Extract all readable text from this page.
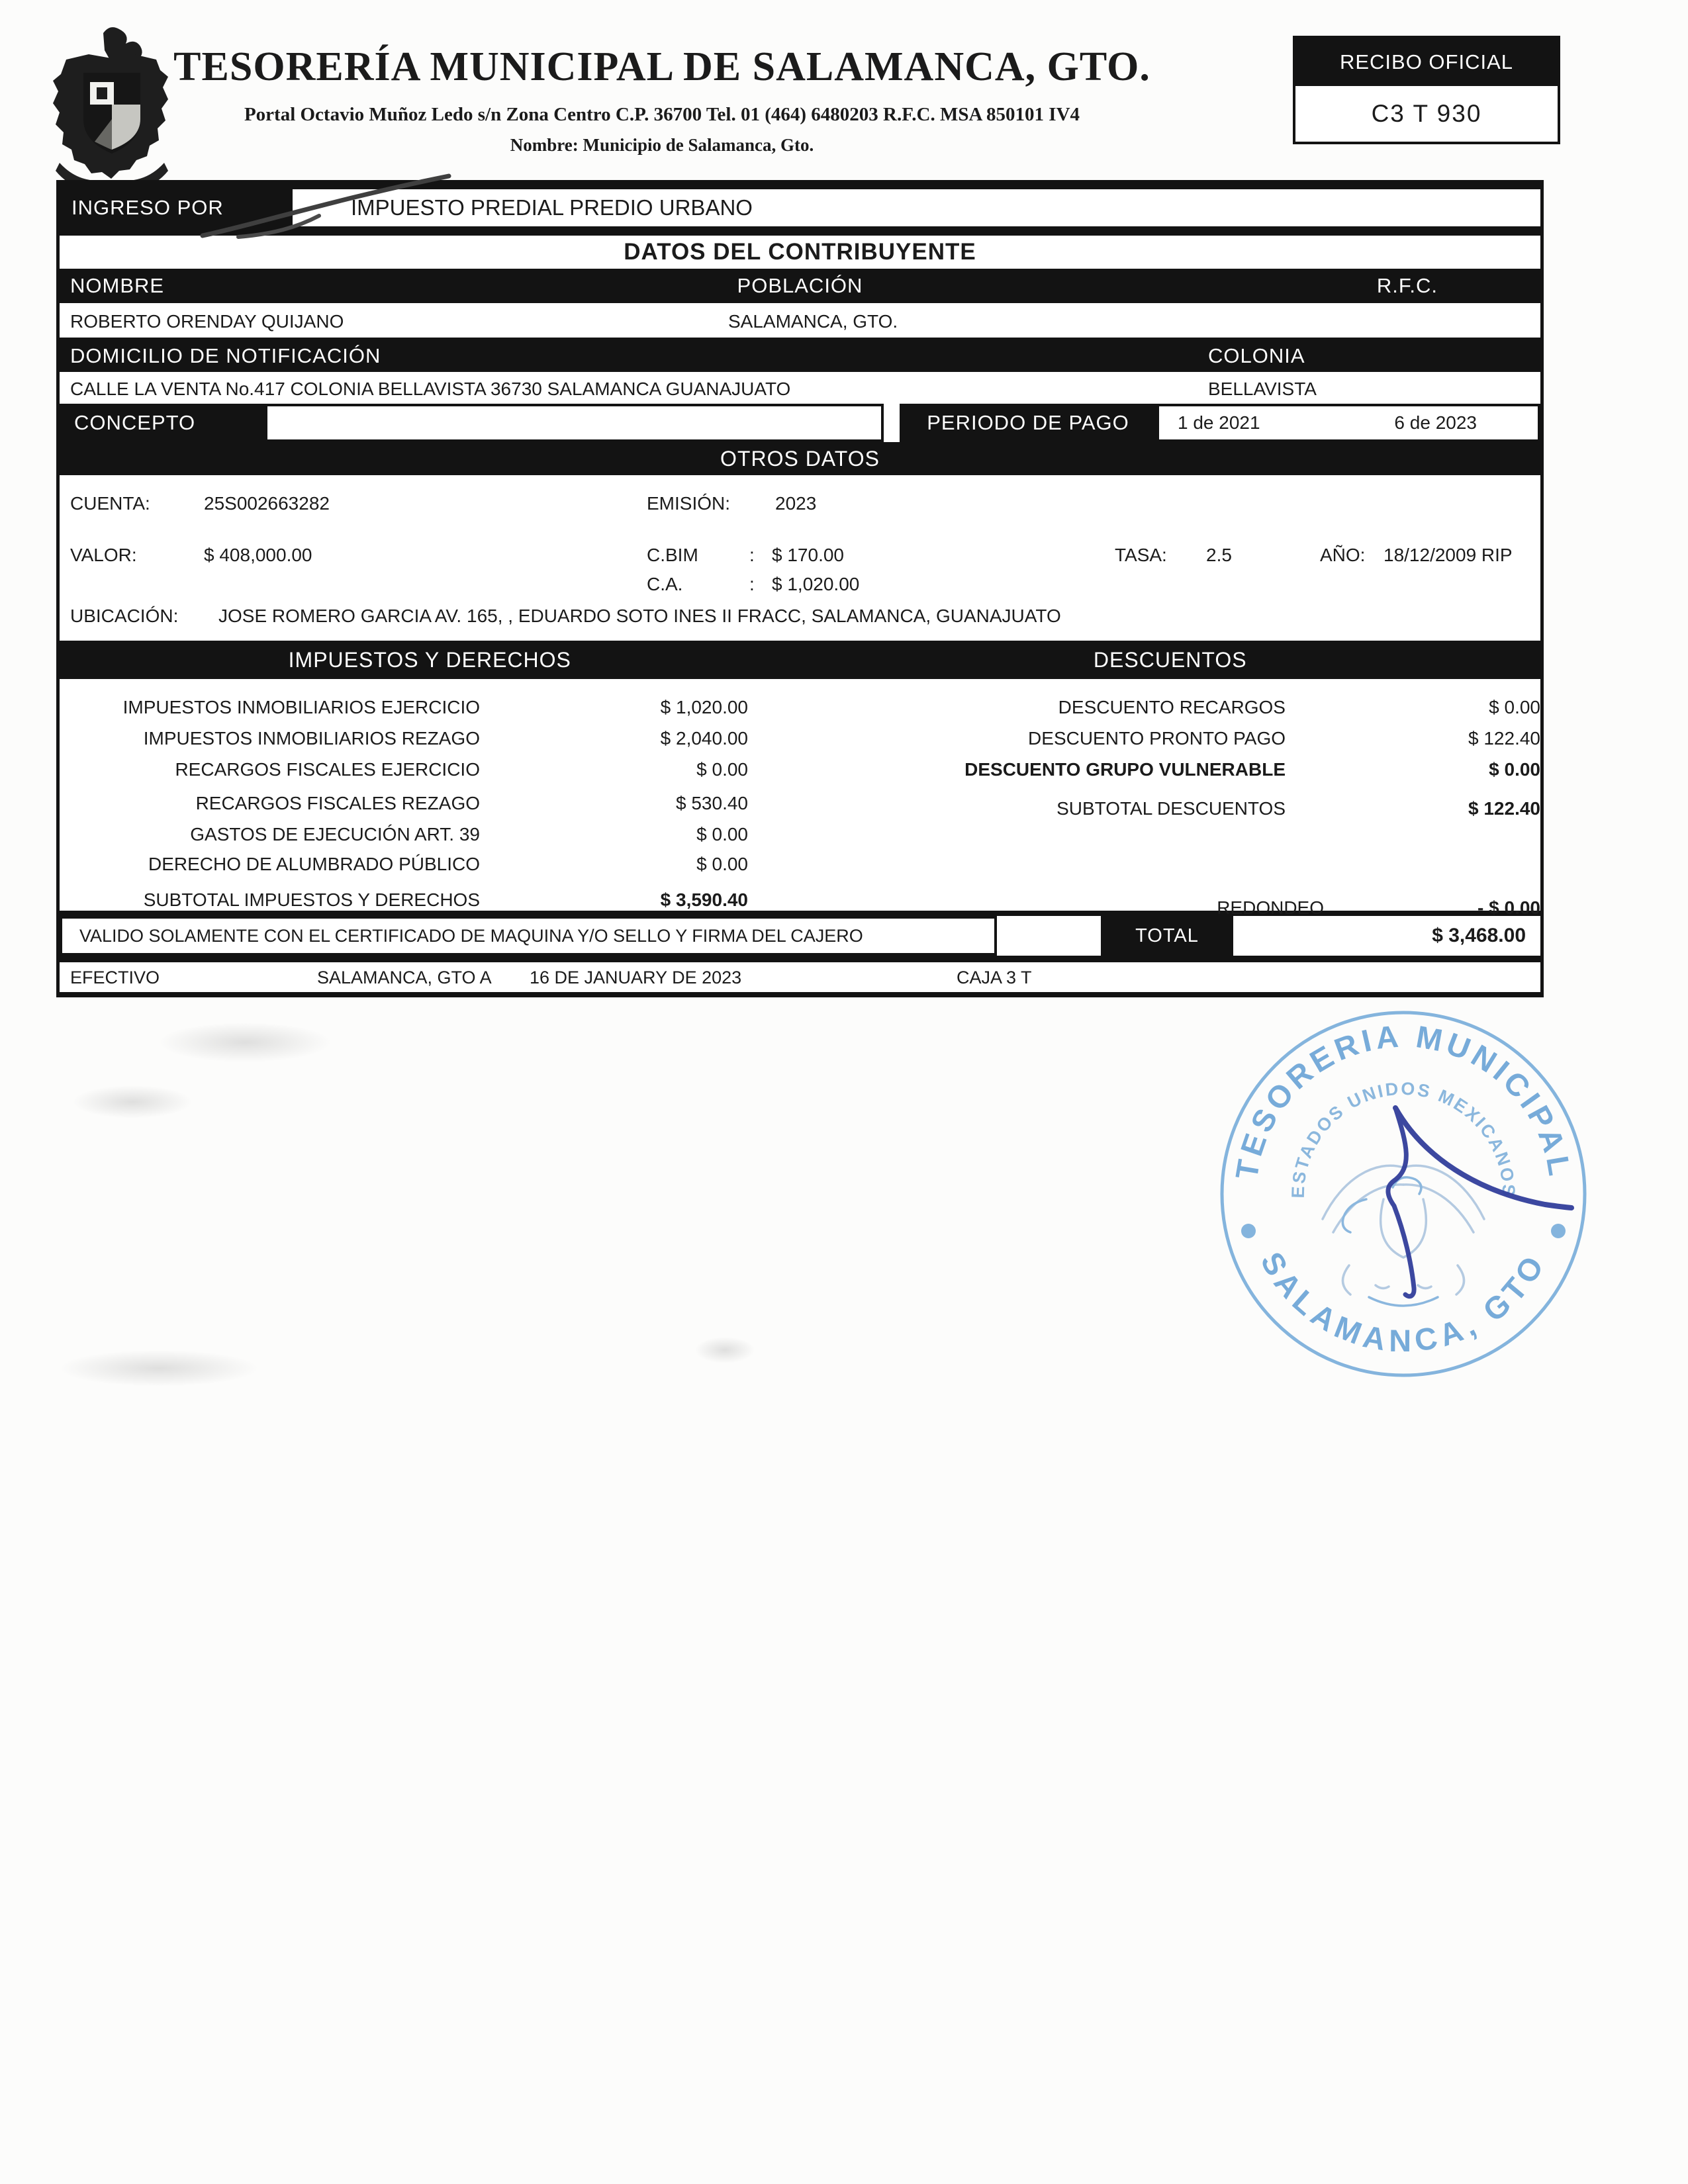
TESORERÍA MUNICIPAL DE SALAMANCA, GTO.
Portal Octavio Muñoz Ledo s/n Zona Centro C.P. 36700 Tel. 01 (464) 6480203 R.F.C. MSA 850101 IV4
Nombre: Municipio de Salamanca, Gto.
RECIBO OFICIAL
C3 T 930
INGRESO POR	IMPUESTO PREDIAL PREDIO URBANO
DATOS DEL CONTRIBUYENTE
NOMBRE	POBLACIÓN	R.F.C.
ROBERTO ORENDAY QUIJANO	SALAMANCA, GTO.
DOMICILIO DE NOTIFICACIÓN	COLONIA
CALLE LA VENTA No.417 COLONIA BELLAVISTA 36730 SALAMANCA GUANAJUATO	BELLAVISTA
CONCEPTO	PERIODO DE PAGO	1 de 2021	6 de 2023
OTROS DATOS
CUENTA:	25S002663282	EMISIÓN: 2023
VALOR:	$ 408,000.00	C.BIM	: $ 170.00	TASA: 2.5	AÑO: 18/12/2009 RIP
C.A.	: $ 1,020.00
UBICACIÓN: JOSE ROMERO GARCIA AV. 165, , EDUARDO SOTO INES II FRACC, SALAMANCA, GUANAJUATO
IMPUESTOS Y DERECHOS	DESCUENTOS
IMPUESTOS INMOBILIARIOS EJERCICIO	$ 1,020.00
IMPUESTOS INMOBILIARIOS REZAGO	$ 2,040.00
RECARGOS FISCALES EJERCICIO	$ 0.00
RECARGOS FISCALES REZAGO	$ 530.40
GASTOS DE EJECUCIÓN ART. 39	$ 0.00
DERECHO DE ALUMBRADO PÚBLICO	$ 0.00
SUBTOTAL IMPUESTOS Y DERECHOS	$ 3,590.40
DESCUENTO RECARGOS	$ 0.00
DESCUENTO PRONTO PAGO	$ 122.40
DESCUENTO GRUPO VULNERABLE	$ 0.00
SUBTOTAL DESCUENTOS	$ 122.40
REDONDEO	- $ 0.00
VALIDO SOLAMENTE CON EL CERTIFICADO DE MAQUINA Y/O SELLO Y FIRMA DEL CAJERO	TOTAL	$ 3,468.00
EFECTIVO	SALAMANCA, GTO A 16 DE JANUARY DE 2023	CAJA 3 T
TESORERIA MUNICIPAL
SALAMANCA, GTO
ESTADOS UNIDOS MEXICANOS
